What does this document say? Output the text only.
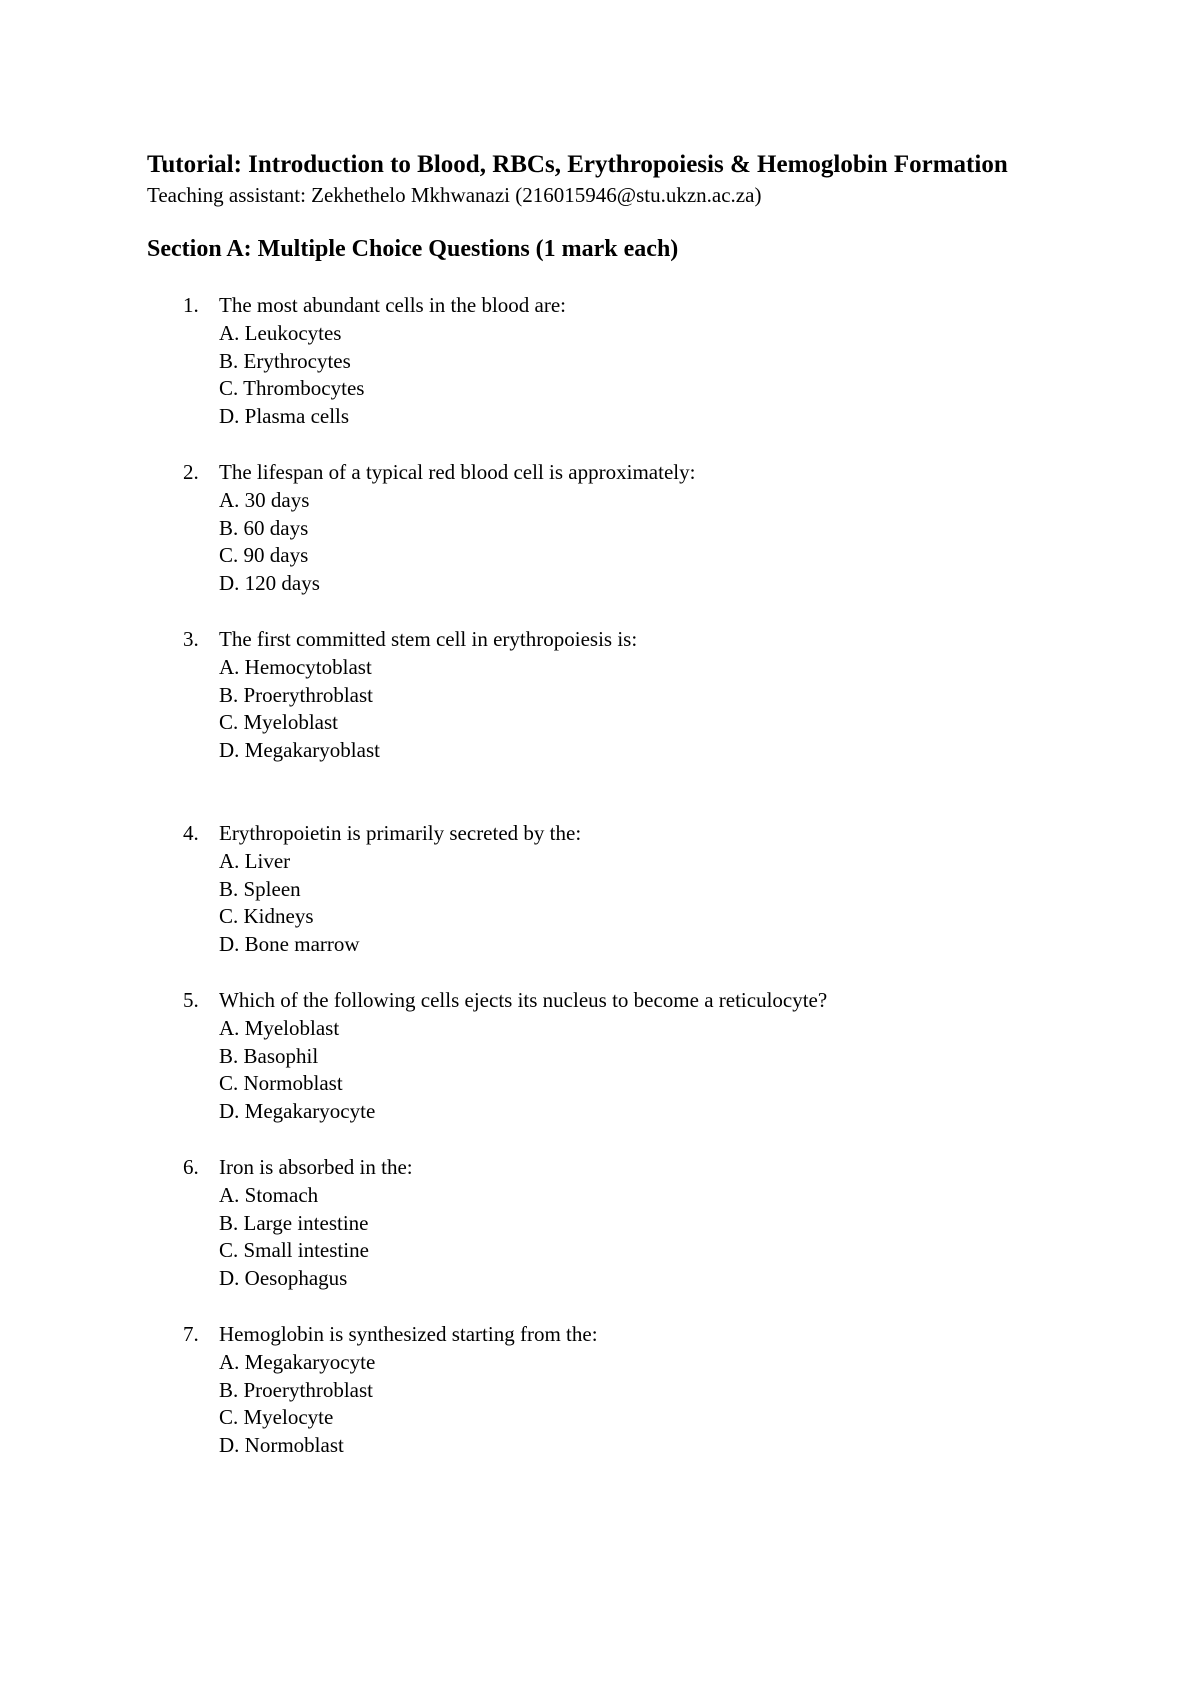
Tutorial: Introduction to Blood, RBCs, Erythropoiesis & Hemoglobin Formation

Teaching assistant: Zekhethelo Mkhwanazi (216015946@stu.ukzn.ac.za)

Section A: Multiple Choice Questions (1 mark each)
1. The most abundant cells in the blood are:
A. Leukocytes
B. Erythrocytes
C. Thrombocytes
D. Plasma cells
2. The lifespan of a typical red blood cell is approximately:
A. 30 days
B. 60 days
C. 90 days
D. 120 days
3. The first committed stem cell in erythropoiesis is:
A. Hemocytoblast
B. Proerythroblast
C. Myeloblast
D. Megakaryoblast
4. Erythropoietin is primarily secreted by the:
A. Liver
B. Spleen
C. Kidneys
D. Bone marrow
5. Which of the following cells ejects its nucleus to become a reticulocyte?
A. Myeloblast
B. Basophil
C. Normoblast
D. Megakaryocyte
6. Iron is absorbed in the:
A. Stomach
B. Large intestine
C. Small intestine
D. Oesophagus
7. Hemoglobin is synthesized starting from the:
A. Megakaryocyte
B. Proerythroblast
C. Myelocyte
D. Normoblast
